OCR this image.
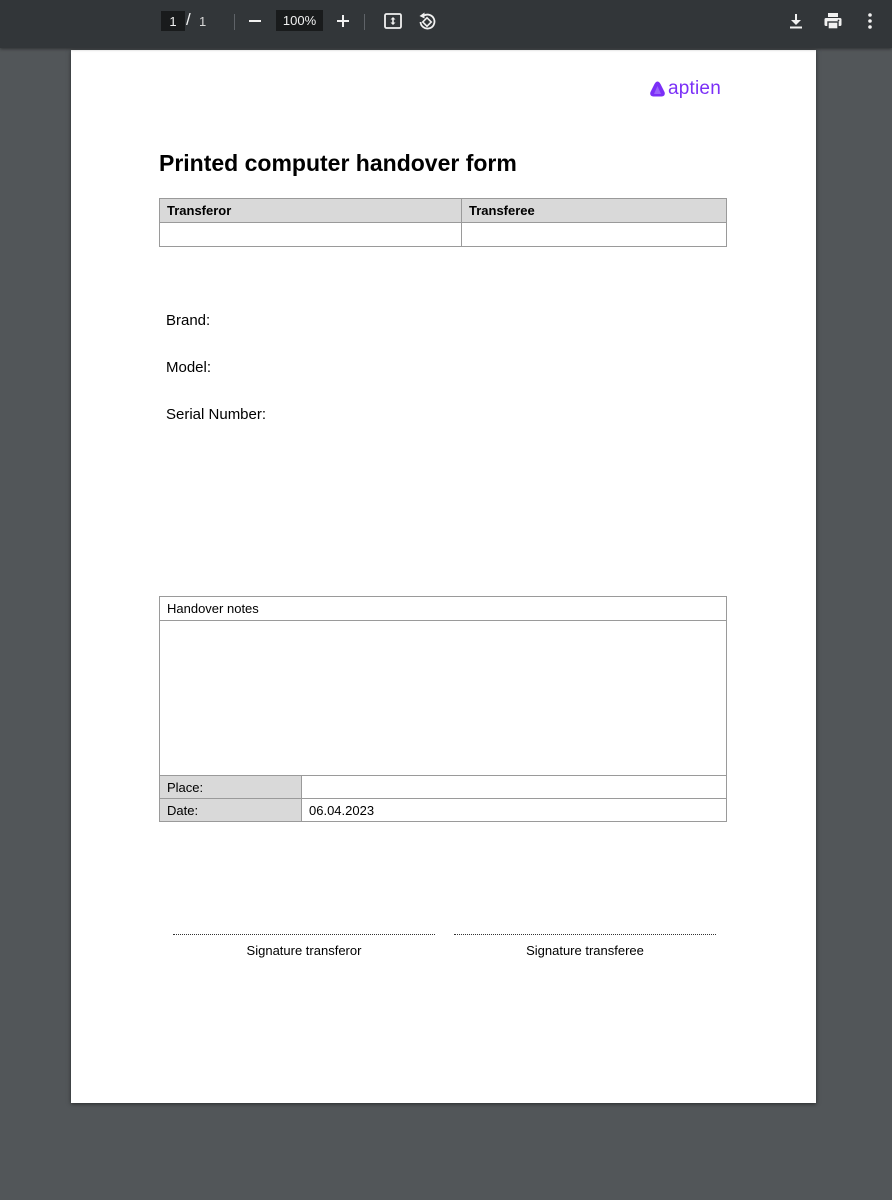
1
/ 1
100%
aptien
Printed computer handover form
Transferor	Transferee

Brand:

Model:

Serial Number:

Handover notes	

Place:	
Date:	06.04.2023
Signature transferor	Signature transferee
